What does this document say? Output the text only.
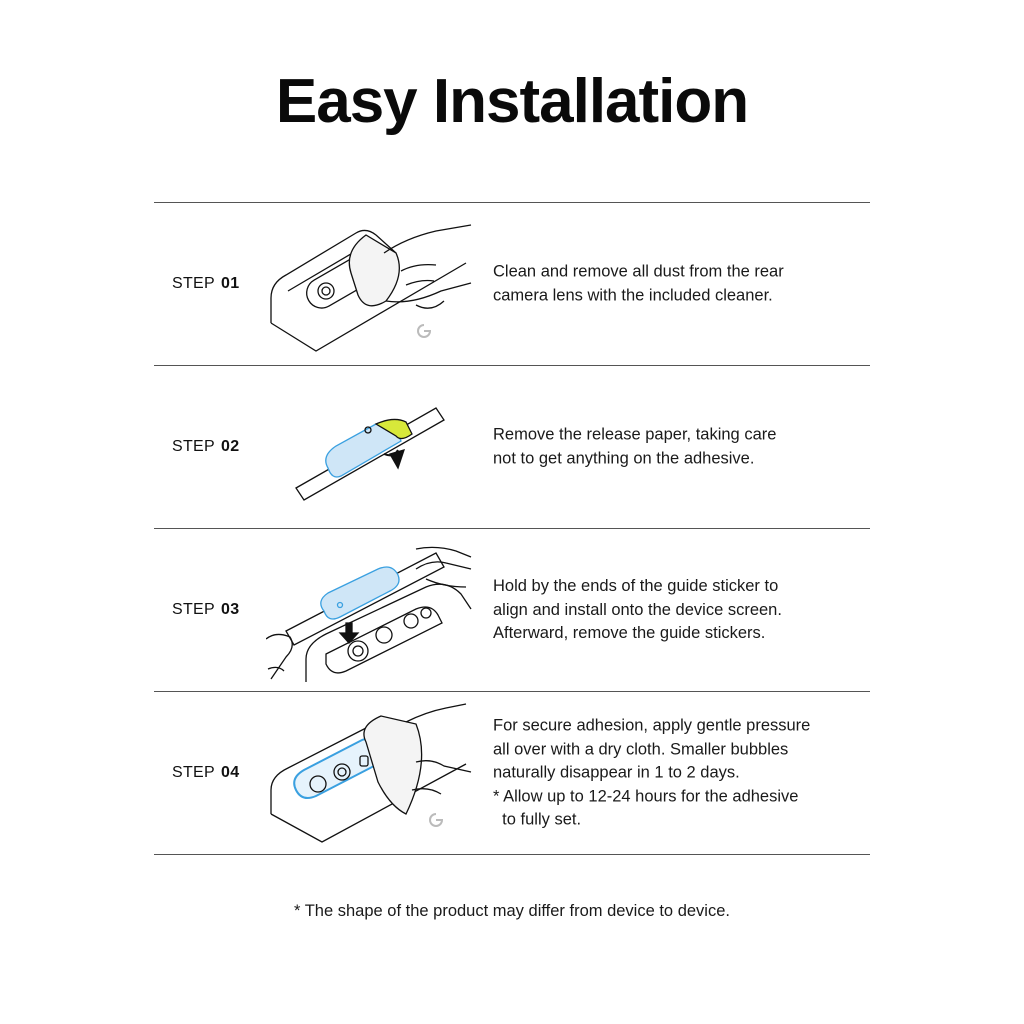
Easy Installation
STEP 01

Clean and remove all dust from the rear

camera lens with the included cleaner.

STEP 02

Remove the release paper, taking care

not to get anything on the adhesive.

STEP 03

Hold by the ends of the guide sticker to

align and install onto the device screen.

Afterward, remove the guide stickers.

STEP 04

For secure adhesion, apply gentle pressure

all over with a dry cloth. Smaller bubbles

naturally disappear in 1 to 2 days.

* Allow up to 12-24 hours for the adhesive

to fully set.

* The shape of the product may differ from device to device.
